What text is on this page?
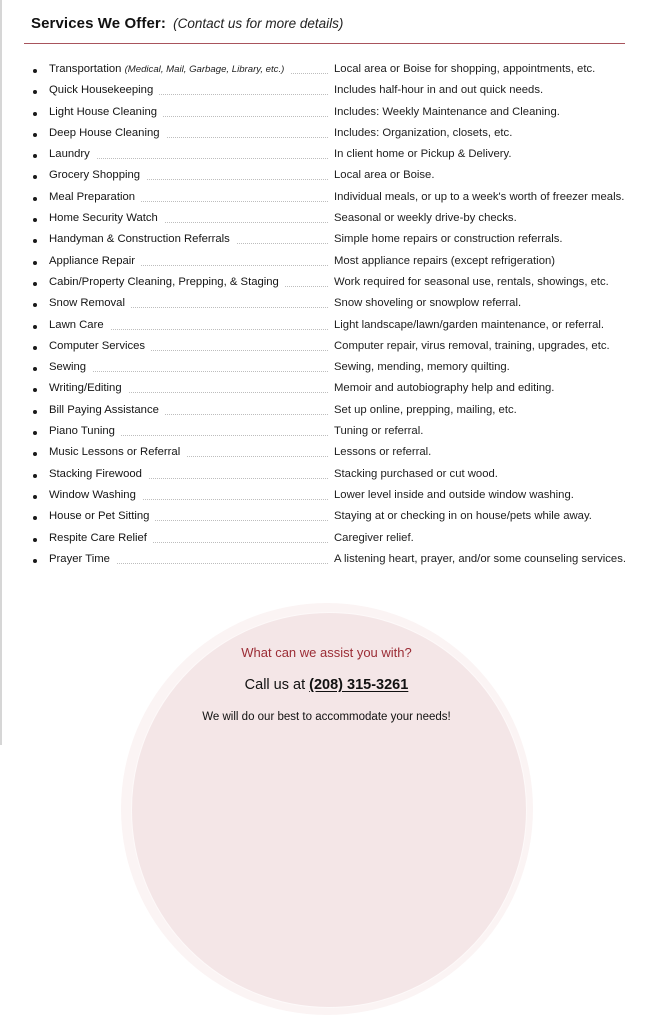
Services We Offer: (Contact us for more details)
Transportation (Medical, Mail, Garbage, Library, etc.)	Local area or Boise for shopping, appointments, etc.
Quick Housekeeping	Includes half-hour in and out quick needs.
Light House Cleaning	Includes: Weekly Maintenance and Cleaning.
Deep House Cleaning	Includes: Organization, closets, etc.
Laundry	In client home or Pickup & Delivery.
Grocery Shopping	Local area or Boise.
Meal Preparation	Individual meals, or up to a week's worth of freezer meals.
Home Security Watch	Seasonal or weekly drive-by checks.
Handyman & Construction Referrals	Simple home repairs or construction referrals.
Appliance Repair	Most appliance repairs (except refrigeration)
Cabin/Property Cleaning, Prepping, & Staging	Work required for seasonal use, rentals, showings, etc.
Snow Removal	Snow shoveling or snowplow referral.
Lawn Care	Light landscape/lawn/garden maintenance, or referral.
Computer Services	Computer repair, virus removal, training, upgrades, etc.
Sewing	Sewing, mending, memory quilting.
Writing/Editing	Memoir and autobiography help and editing.
Bill Paying Assistance	Set up online, prepping, mailing, etc.
Piano Tuning	Tuning or referral.
Music Lessons or Referral	Lessons or referral.
Stacking Firewood	Stacking purchased or cut wood.
Window Washing	Lower level inside and outside window washing.
House or Pet Sitting	Staying at or checking in on house/pets while away.
Respite Care Relief	Caregiver relief.
Prayer Time	A listening heart, prayer, and/or some counseling services.
What can we assist you with?
Call us at (208) 315-3261
We will do our best to accommodate your needs!
